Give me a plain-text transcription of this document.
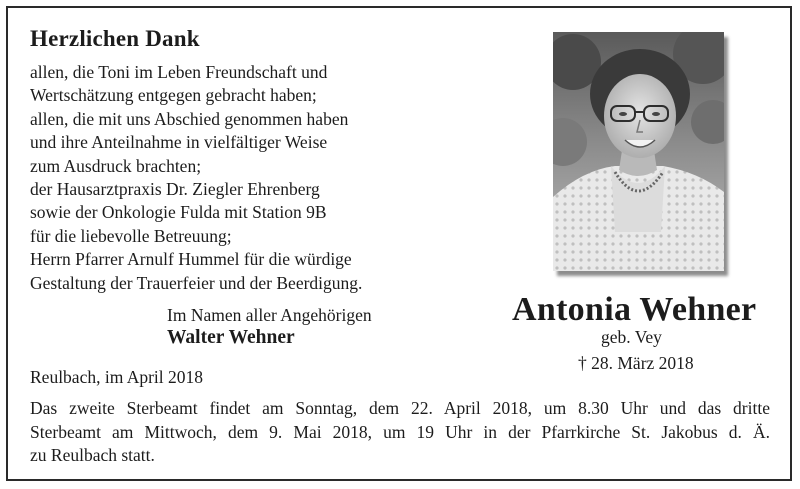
Herzlichen Dank
allen, die Toni im Leben Freundschaft und
Wertschätzung entgegen gebracht haben;
allen, die mit uns Abschied genommen haben
und ihre Anteilnahme in vielfältiger Weise
zum Ausdruck brachten;
der Hausarztpraxis Dr. Ziegler Ehrenberg
sowie der Onkologie Fulda mit Station 9B
für die liebevolle Betreuung;
Herrn Pfarrer Arnulf Hummel für die würdige
Gestaltung der Trauerfeier und der Beerdigung.
Antonia Wehner
geb. Vey
† 28. März 2018
Im Namen aller Angehörigen
Walter Wehner
Reulbach, im April 2018
Das zweite Sterbeamt findet am Sonntag, dem 22. April 2018, um 8.30 Uhr und das dritte
Sterbeamt am Mittwoch, dem 9. Mai 2018, um 19 Uhr in der Pfarrkirche St. Jakobus d. Ä.
zu Reulbach statt.
